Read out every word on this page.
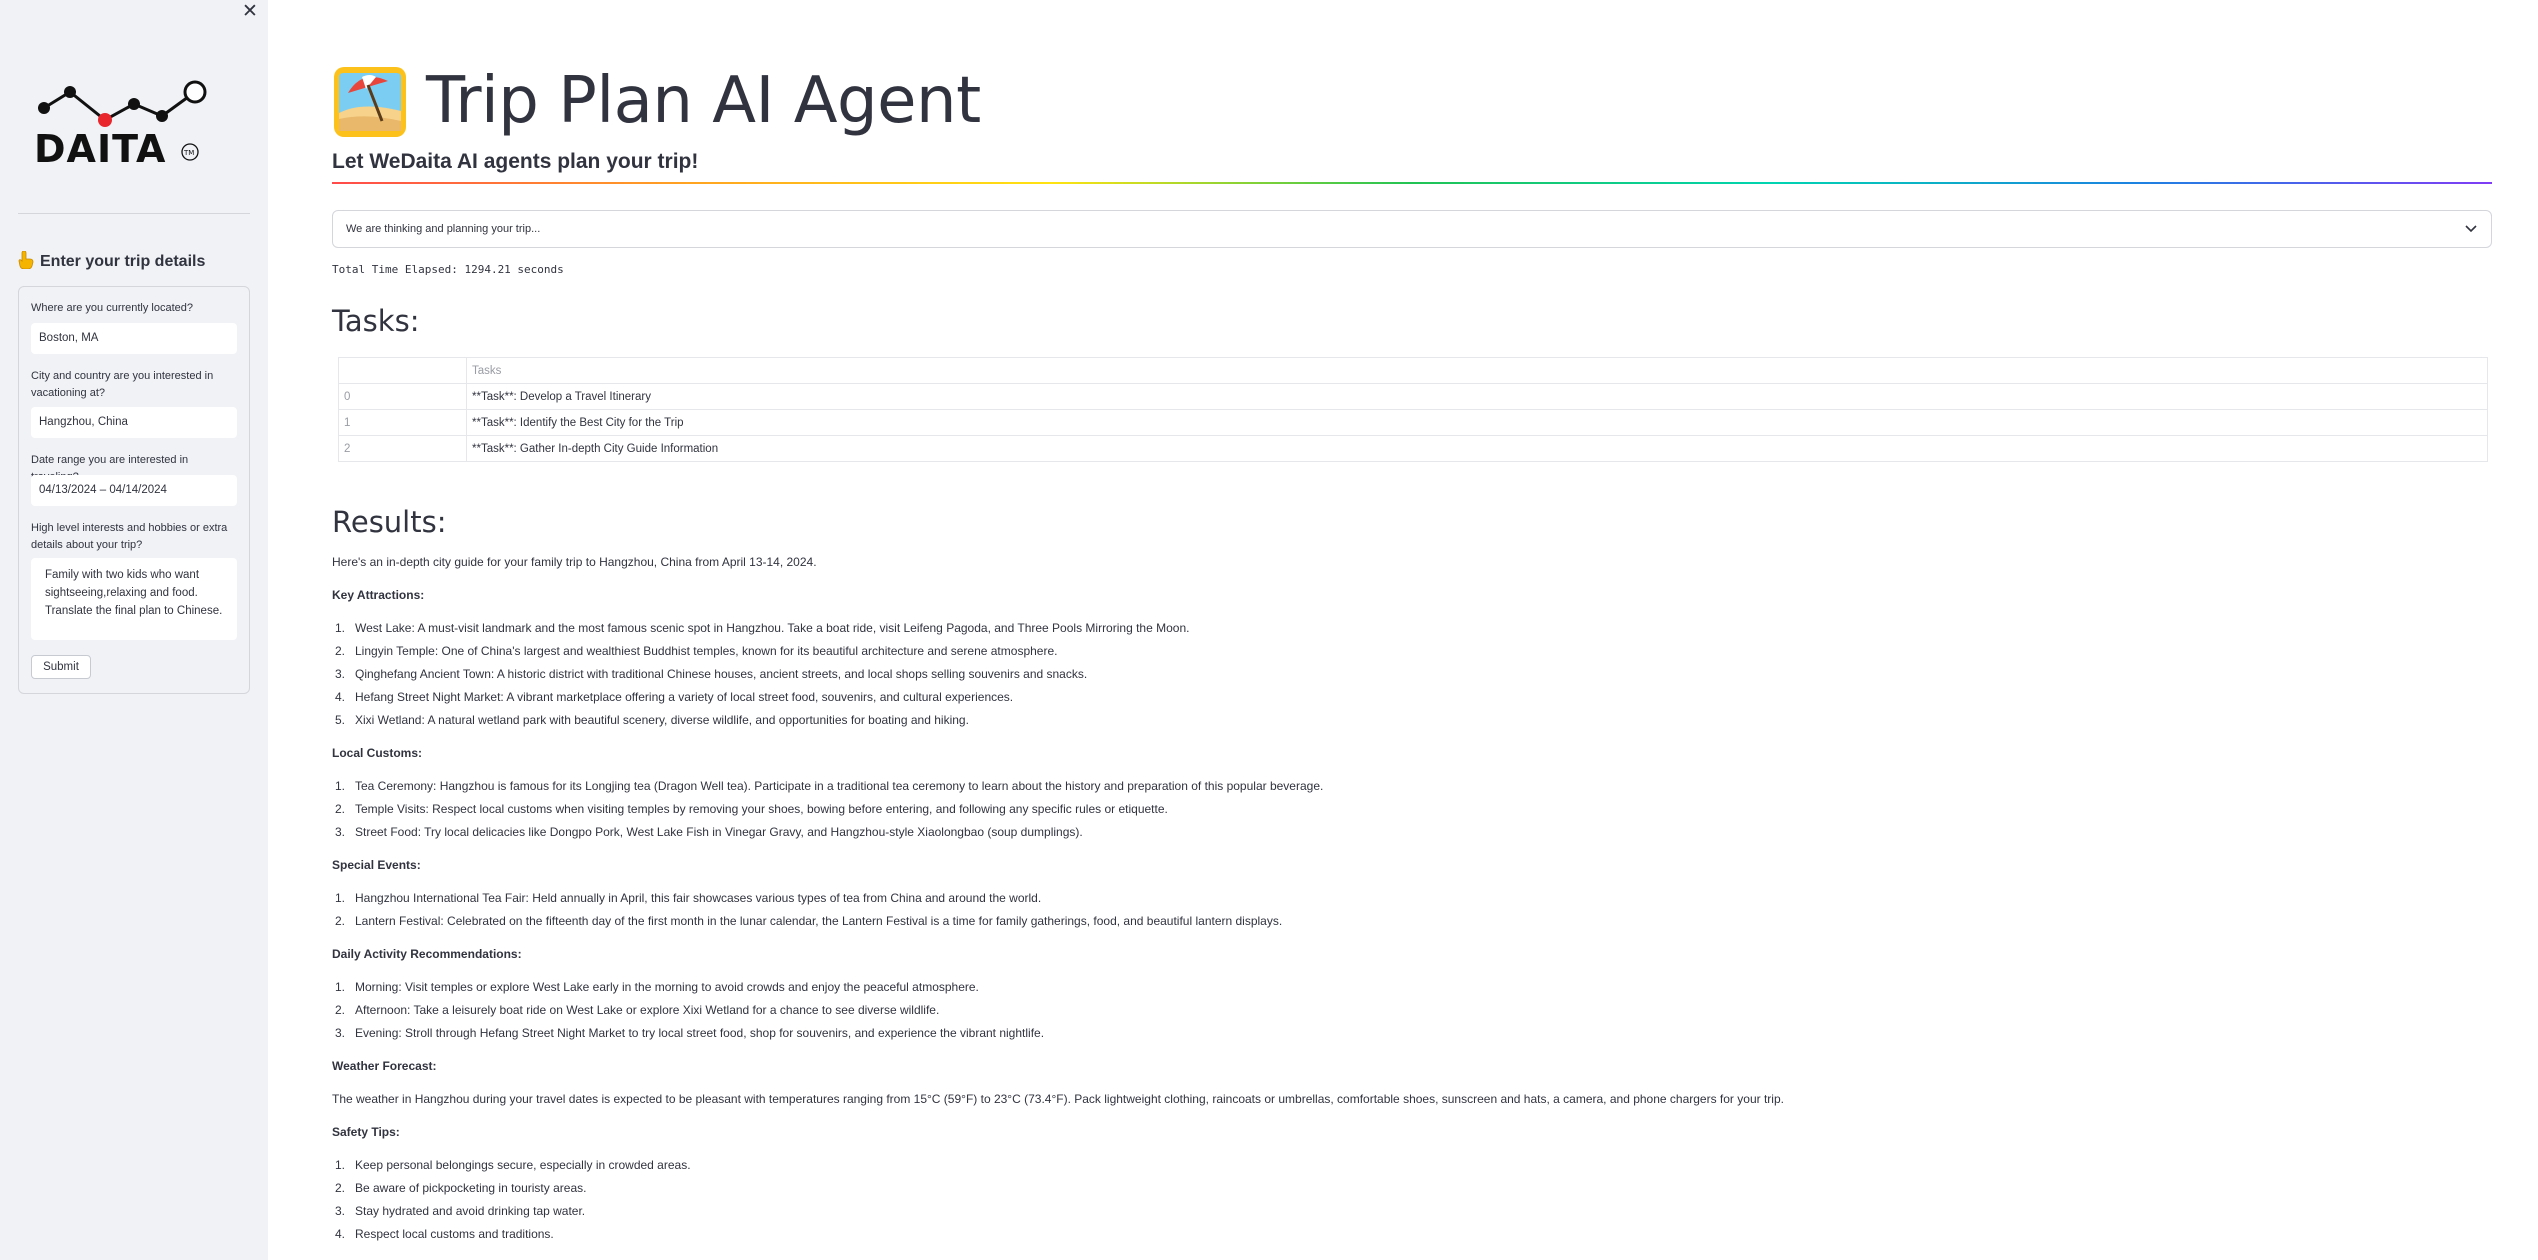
✕
DAITA	TM
Enter your trip details
Where are you currently located?
Boston, MA
City and country are you interested in vacationing at?
Hangzhou, China
Date range you are interested in
04/13/2024 – 04/14/2024
High level interests and hobbies or extra details about your trip?
Family with two kids who want sightseeing,relaxing and food. Translate the final plan to Chinese.
Submit
Trip Plan AI Agent
Let WeDaita AI agents plan your trip!
We are thinking and planning your trip...
Total Time Elapsed: 1294.21 seconds
Tasks:
	Tasks
0	**Task**: Develop a Travel Itinerary
1	**Task**: Identify the Best City for the Trip
2	**Task**: Gather In-depth City Guide Information
Results:

Here's an in-depth city guide for your family trip to Hangzhou, China from April 13-14, 2024.

Key Attractions:

1. West Lake: A must-visit landmark and the most famous scenic spot in Hangzhou. Take a boat ride, visit Leifeng Pagoda, and Three Pools Mirroring the Moon.
2. Lingyin Temple: One of China's largest and wealthiest Buddhist temples, known for its beautiful architecture and serene atmosphere.
3. Qinghefang Ancient Town: A historic district with traditional Chinese houses, ancient streets, and local shops selling souvenirs and snacks.
4. Hefang Street Night Market: A vibrant marketplace offering a variety of local street food, souvenirs, and cultural experiences.
5. Xixi Wetland: A natural wetland park with beautiful scenery, diverse wildlife, and opportunities for boating and hiking.

Local Customs:

1. Tea Ceremony: Hangzhou is famous for its Longjing tea (Dragon Well tea). Participate in a traditional tea ceremony to learn about the history and preparation of this popular beverage.
2. Temple Visits: Respect local customs when visiting temples by removing your shoes, bowing before entering, and following any specific rules or etiquette.
3. Street Food: Try local delicacies like Dongpo Pork, West Lake Fish in Vinegar Gravy, and Hangzhou-style Xiaolongbao (soup dumplings).

Special Events:

1. Hangzhou International Tea Fair: Held annually in April, this fair showcases various types of tea from China and around the world.
2. Lantern Festival: Celebrated on the fifteenth day of the first month in the lunar calendar, the Lantern Festival is a time for family gatherings, food, and beautiful lantern displays.

Daily Activity Recommendations:

1. Morning: Visit temples or explore West Lake early in the morning to avoid crowds and enjoy the peaceful atmosphere.
2. Afternoon: Take a leisurely boat ride on West Lake or explore Xixi Wetland for a chance to see diverse wildlife.
3. Evening: Stroll through Hefang Street Night Market to try local street food, shop for souvenirs, and experience the vibrant nightlife.

Weather Forecast:

The weather in Hangzhou during your travel dates is expected to be pleasant with temperatures ranging from 15°C (59°F) to 23°C (73.4°F). Pack lightweight clothing, raincoats or umbrellas, comfortable shoes, sunscreen and hats, a camera, and phone chargers for your trip.

Safety Tips:

1. Keep personal belongings secure, especially in crowded areas.
2. Be aware of pickpocketing in touristy areas.
3. Stay hydrated and avoid drinking tap water.
4. Respect local customs and traditions.
